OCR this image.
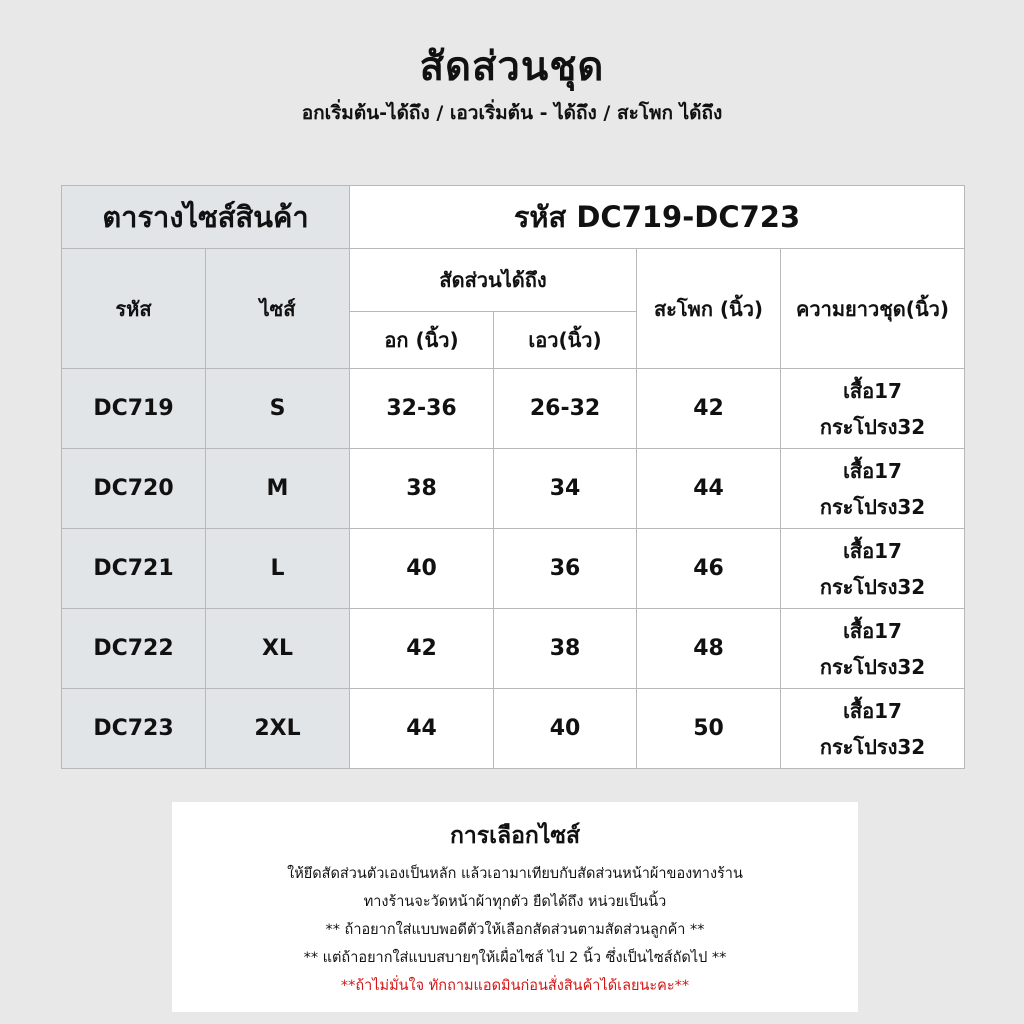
สัดส่วนชุด
อกเริ่มต้น-ได้ถึง / เอวเริ่มต้น - ได้ถึง / สะโพก ได้ถึง
ตารางไซส์สินค้า		รหัส DC719-DC723			
รหัส	ไซส์	สัดส่วนได้ถึง		สะโพก (นิ้ว)	ความยาวชุด(นิ้ว)
		อก (นิ้ว)	เอว(นิ้ว)		
DC719	S	32-36	26-32	42	เสื้อ17
กระโปรง32

DC720	M	38	34	44	เสื้อ17
กระโปรง32

DC721	L	40	36	46	เสื้อ17
กระโปรง32

DC722	XL	42	38	48	เสื้อ17
กระโปรง32

DC723	2XL	44	40	50	เสื้อ17
กระโปรง32
การเลือกไซส์
ให้ยึดสัดส่วนตัวเองเป็นหลัก แล้วเอามาเทียบกับสัดส่วนหน้าผ้าของทางร้าน
ทางร้านจะวัดหน้าผ้าทุกตัว ยืดได้ถึง หน่วยเป็นนิ้ว
** ถ้าอยากใส่แบบพอดีตัวให้เลือกสัดส่วนตามสัดส่วนลูกค้า **
** แต่ถ้าอยากใส่แบบสบายๆให้เผื่อไซส์ ไป 2 นิ้ว ซึ่งเป็นไซส์ถัดไป **
**ถ้าไม่มั่นใจ ทักถามแอดมินก่อนสั่งสินค้าได้เลยนะคะ**
